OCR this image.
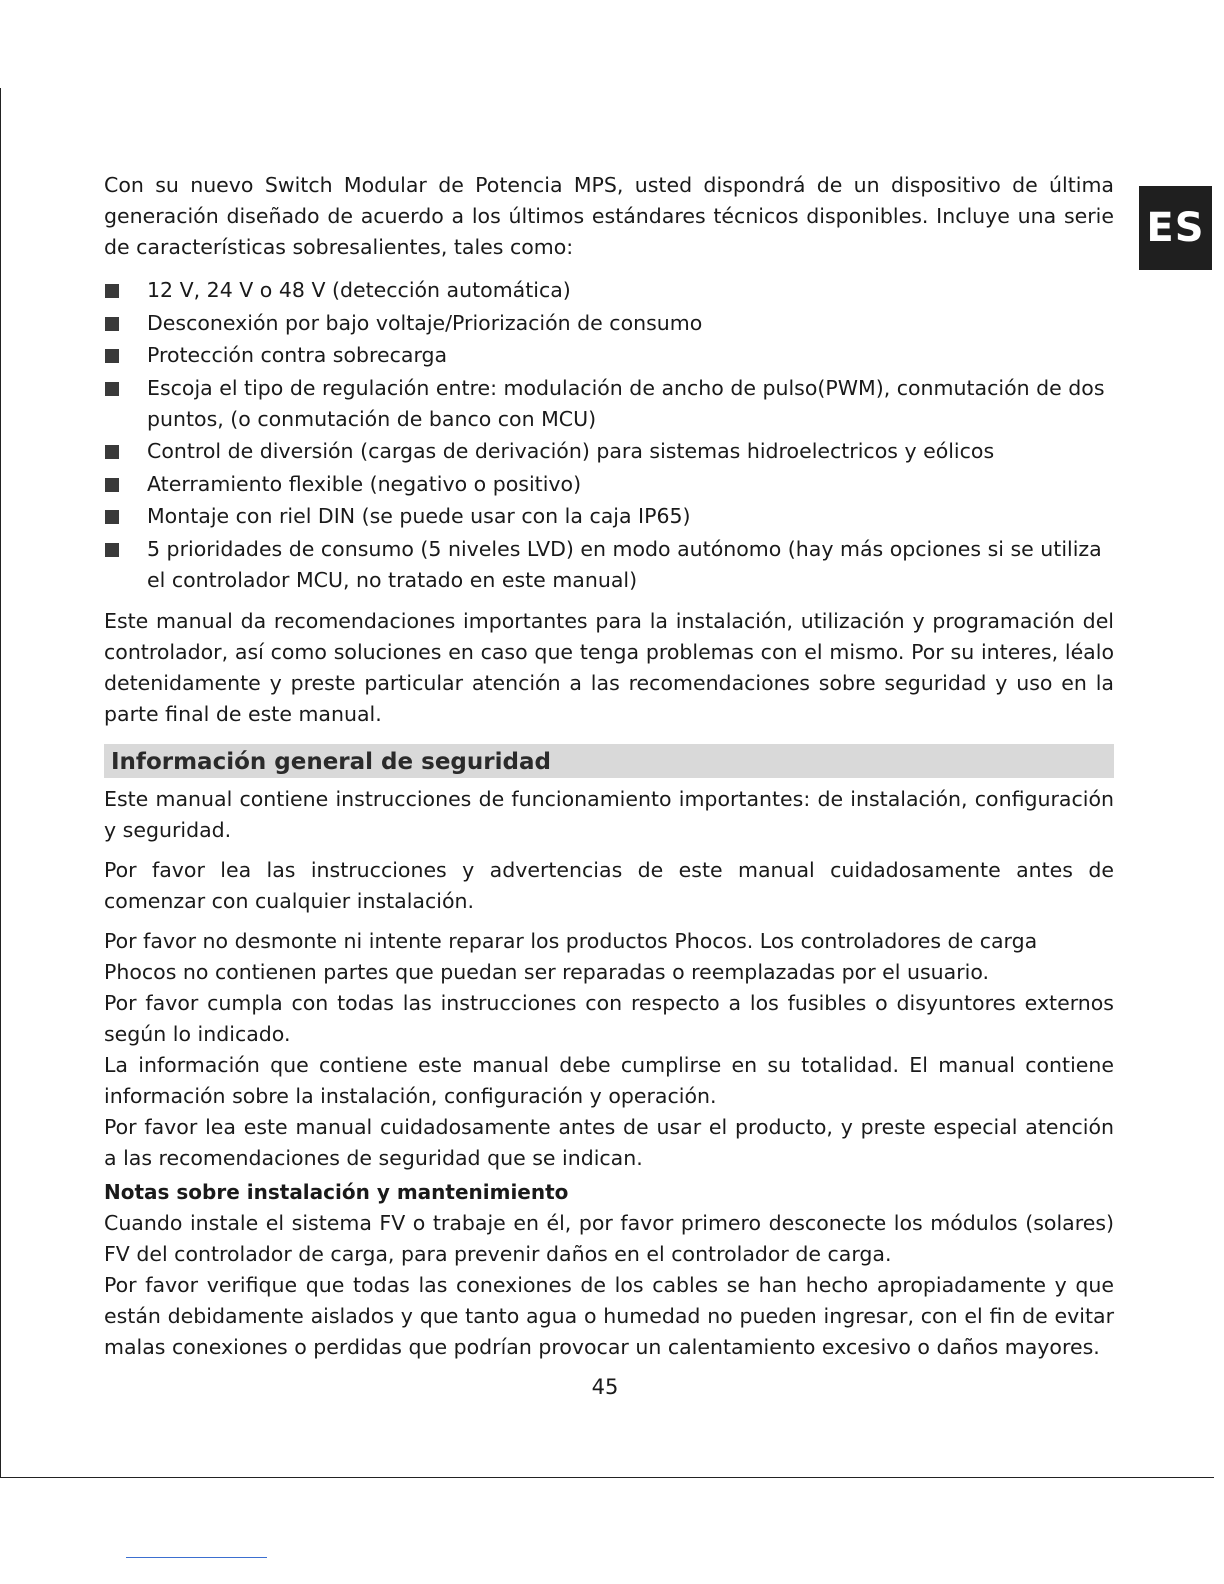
ES

Con su nuevo Switch Modular de Potencia MPS, usted dispondrá de un dispositivo de última generación diseñado de acuerdo a los últimos estándares técnicos disponibles. Incluye una serie de características sobresalientes, tales como:

12 V, 24 V o 48 V (detección automática)
Desconexión por bajo voltaje/Priorización de consumo
Protección contra sobrecarga
Escoja el tipo de regulación entre: modulación de ancho de pulso(PWM), conmutación de dos puntos, (o conmutación de banco con MCU)
Control de diversión (cargas de derivación) para sistemas hidroelectricos y eólicos
Aterramiento flexible (negativo o positivo)
Montaje con riel DIN (se puede usar con la caja IP65)
5 prioridades de consumo (5 niveles LVD) en modo autónomo (hay más opciones si se utiliza el controlador MCU, no tratado en este manual)

Este manual da recomendaciones importantes para la instalación, utilización y programación del controlador, así como soluciones en caso que tenga problemas con el mismo. Por su interes, léalo detenidamente y preste particular atención a las recomendaciones sobre seguridad y uso en la parte final de este manual.

Información general de seguridad

Este manual contiene instrucciones de funcionamiento importantes: de instalación, configuración y seguridad.

Por favor lea las instrucciones y advertencias de este manual cuidadosamente antes de comenzar con cualquier instalación.

Por favor no desmonte ni intente reparar los productos Phocos. Los controladores de carga Phocos no contienen partes que puedan ser reparadas o reemplazadas por el usuario.

Por favor cumpla con todas las instrucciones con respecto a los fusibles o disyuntores externos según lo indicado.

La información que contiene este manual debe cumplirse en su totalidad. El manual contiene información sobre la instalación, configuración y operación.

Por favor lea este manual cuidadosamente antes de usar el producto, y preste especial atención a las recomendaciones de seguridad que se indican.

Notas sobre instalación y mantenimiento

Cuando instale el sistema FV o trabaje en él, por favor primero desconecte los módulos (solares) FV del controlador de carga, para prevenir daños en el controlador de carga.

Por favor verifique que todas las conexiones de los cables se han hecho apropiadamente y que están debidamente aislados y que tanto agua o humedad no pueden ingresar, con el fin de evitar malas conexiones o perdidas que podrían provocar un calentamiento excesivo o daños mayores.

45
